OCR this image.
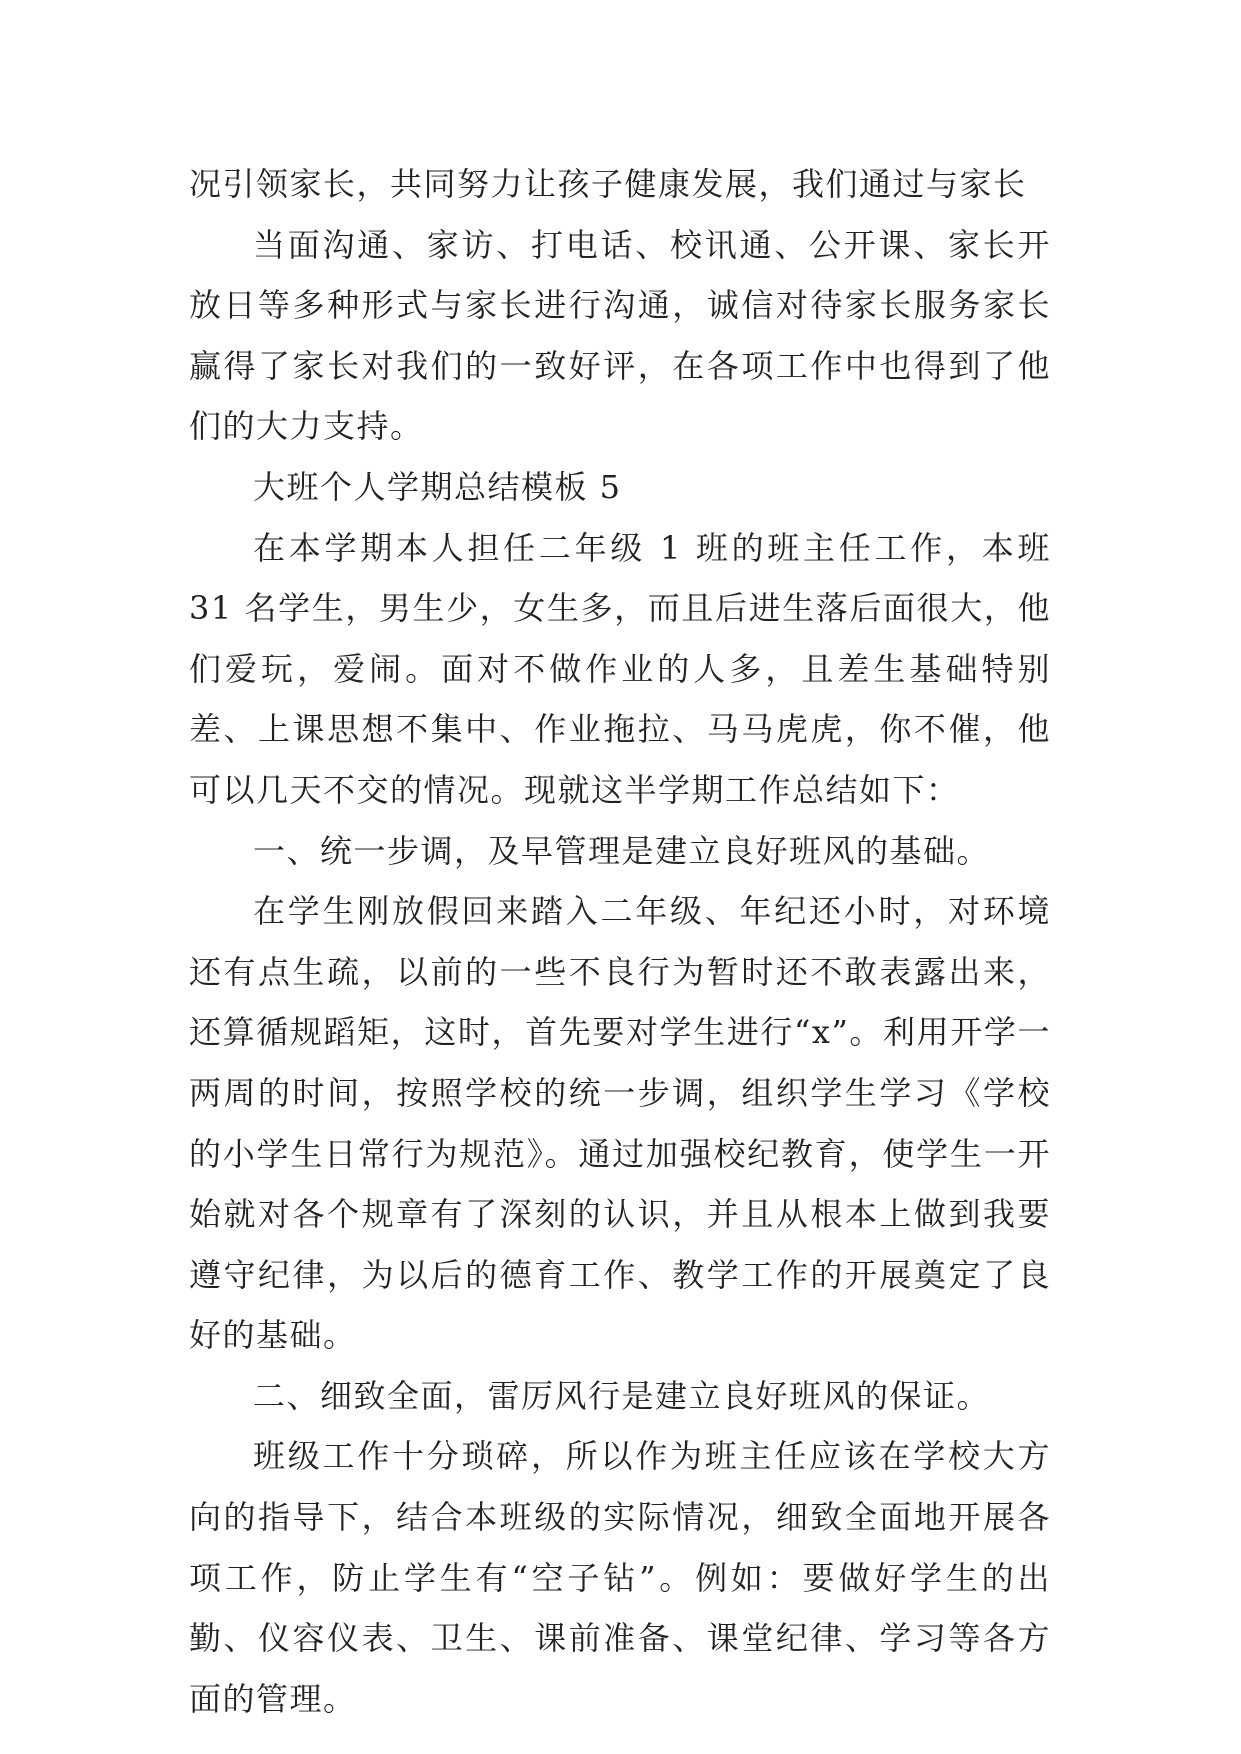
况引领家长，共同努力让孩子健康发展，我们通过与家长

当面沟通、家访、打电话、校讯通、公开课、家长开放日等多种形式与家长进行沟通，诚信对待家长服务家长赢得了家长对我们的一致好评，在各项工作中也得到了他们的大力支持。

大班个人学期总结模板 5

在本学期本人担任二年级 1 班的班主任工作，本班 31 名学生，男生少，女生多，而且后进生落后面很大，他们爱玩，爱闹。面对不做作业的人多，且差生基础特别差、上课思想不集中、作业拖拉、马马虎虎，你不催，他可以几天不交的情况。现就这半学期工作总结如下：

一、统一步调，及早管理是建立良好班风的基础。

在学生刚放假回来踏入二年级、年纪还小时，对环境还有点生疏，以前的一些不良行为暂时还不敢表露出来，还算循规蹈矩，这时，首先要对学生进行“x”。利用开学一两周的时间，按照学校的统一步调，组织学生学习《学校的小学生日常行为规范》。通过加强校纪教育，使学生一开始就对各个规章有了深刻的认识，并且从根本上做到我要遵守纪律，为以后的德育工作、教学工作的开展奠定了良好的基础。

二、细致全面，雷厉风行是建立良好班风的保证。

班级工作十分琐碎，所以作为班主任应该在学校大方向的指导下，结合本班级的实际情况，细致全面地开展各项工作，防止学生有“空子钻”。例如：要做好学生的出勤、仪容仪表、卫生、课前准备、课堂纪律、学习等各方面的管理。
